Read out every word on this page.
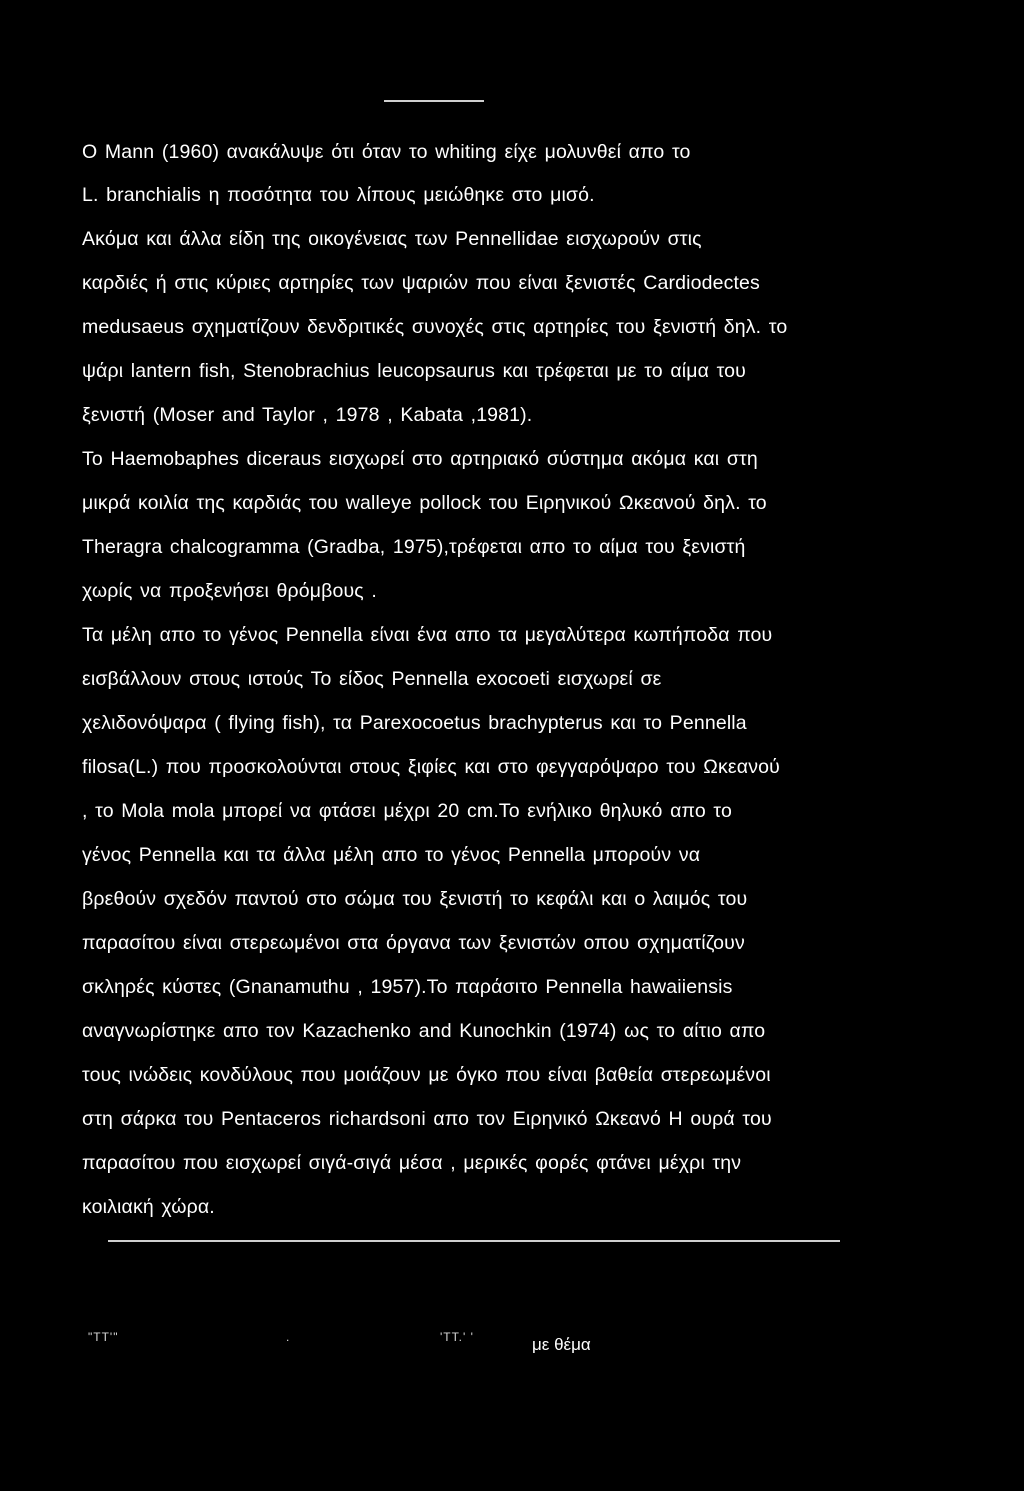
Ο Mann (1960) ανακάλυψε ότι όταν το whiting είχε μολυνθεί απο το
L. branchialis η ποσότητα του λίπους μειώθηκε στο μισό.
Ακόμα και άλλα είδη της οικογένειας των Pennellidae εισχωρούν στις
καρδιές ή στις κύριες αρτηρίες των ψαριών που είναι ξενιστές Cardiodectes
medusaeus σχηματίζουν δενδριτικές συνοχές στις αρτηρίες του ξενιστή δηλ. το
ψάρι lantern fish, Stenobrachius leucopsaurus και τρέφεται με το αίμα του
ξενιστή (Moser and Taylor , 1978 , Kabata ,1981).
Το Haemobaphes diceraus εισχωρεί στο αρτηριακό σύστημα ακόμα και στη
μικρά κοιλία της καρδιάς του walleye pollock του Ειρηνικού Ωκεανού δηλ. το
Theragra chalcogramma (Gradba, 1975),τρέφεται απο το αίμα του ξενιστή
χωρίς να προξενήσει θρόμβους .
Τα μέλη απο το γένος Pennella είναι ένα απο τα μεγαλύτερα κωπήποδα που
εισβάλλουν στους ιστούς Το είδος Pennella exocoeti εισχωρεί σε
χελιδονόψαρα ( flying fish), τα Parexocoetus brachypterus και το Pennella
filosa(L.) που προσκολούνται στους ξιφίες και στο φεγγαρόψαρο του Ωκεανού
, το Mola mola μπορεί να φτάσει μέχρι 20 cm.Το ενήλικο θηλυκό απο το
γένος Pennella και τα άλλα μέλη απο το γένος Pennella μπορούν να
βρεθούν σχεδόν παντού στο σώμα του ξενιστή το κεφάλι και ο λαιμός του
παρασίτου είναι στερεωμένοι στα όργανα των ξενιστών οπου σχηματίζουν
σκληρές κύστες (Gnanamuthu , 1957).Το παράσιτο Pennella hawaiiensis
αναγνωρίστηκε απο τον Kazachenko and Kunochkin (1974) ως το αίτιο απο
τους ινώδεις κονδύλους που μοιάζουν με όγκο που είναι βαθεία στερεωμένοι
στη σάρκα του Pentaceros richardsoni απο τον Ειρηνικό Ωκεανό Η ουρά του
παρασίτου που εισχωρεί σιγά-σιγά μέσα , μερικές φορές φτάνει μέχρι την
κοιλιακή χώρα.
"ΤΤ'"	.	'ΤΤ.' '	με θέμα
